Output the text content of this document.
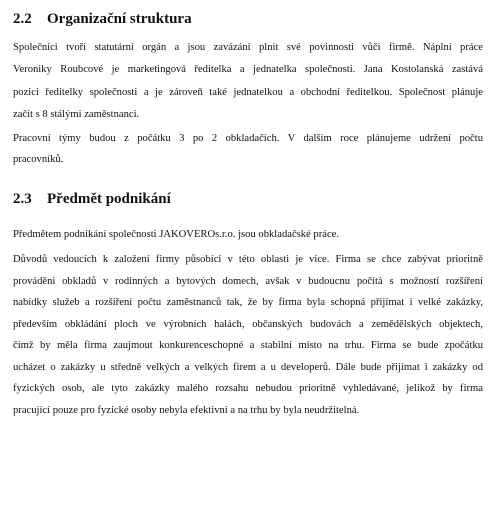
2.2 Organizační struktura
Společníci tvoří statutární orgán a jsou zavázáni plnit své povinnosti vůči firmě. Náplní práce
Veroniky Roubcové je marketingová ředitelka a jednatelka společnosti. Jana Kostolanská zastává
pozici ředitelky společnosti a je zároveň také jednatelkou a obchodní ředitelkou. Společnost plánuje
začít s 8 stálými zaměstnanci.
Pracovní týmy budou z počátku 3 po 2 obkladačích. V dalším roce plánujeme udržení počtu
pracovníků.
2.3 Předmět podnikání
Předmětem podnikání společnosti JAKOVEROs.r.o. jsou obkladačské práce.
Důvodů vedoucích k založení firmy působící v této oblasti je více. Firma se chce zabývat prioritně
prováděni obkladů v rodinných a bytových domech, avšak v budoucnu počítá s možností rozšíření
nabídky služeb a rozšíření počtu zaměstnanců tak, že by firma byla schopná přijímat i velké zakázky,
především obkládání ploch ve výrobních halách, občanských budovách a zemědělských objektech,
čímž by měla firma zaujmout konkurenceschopné a stabilní místo na trhu. Firma se bude zpočátku
ucházet o zakázky u středně velkých a velkých firem a u developerů. Dále bude přijímat i zakázky od
fyzických osob, ale tyto zakázky malého rozsahu nebudou prioritně vyhledávané, jelikož by firma
pracující pouze pro fyzické osoby nebyla efektivní a na trhu by byla neudržitelná.
